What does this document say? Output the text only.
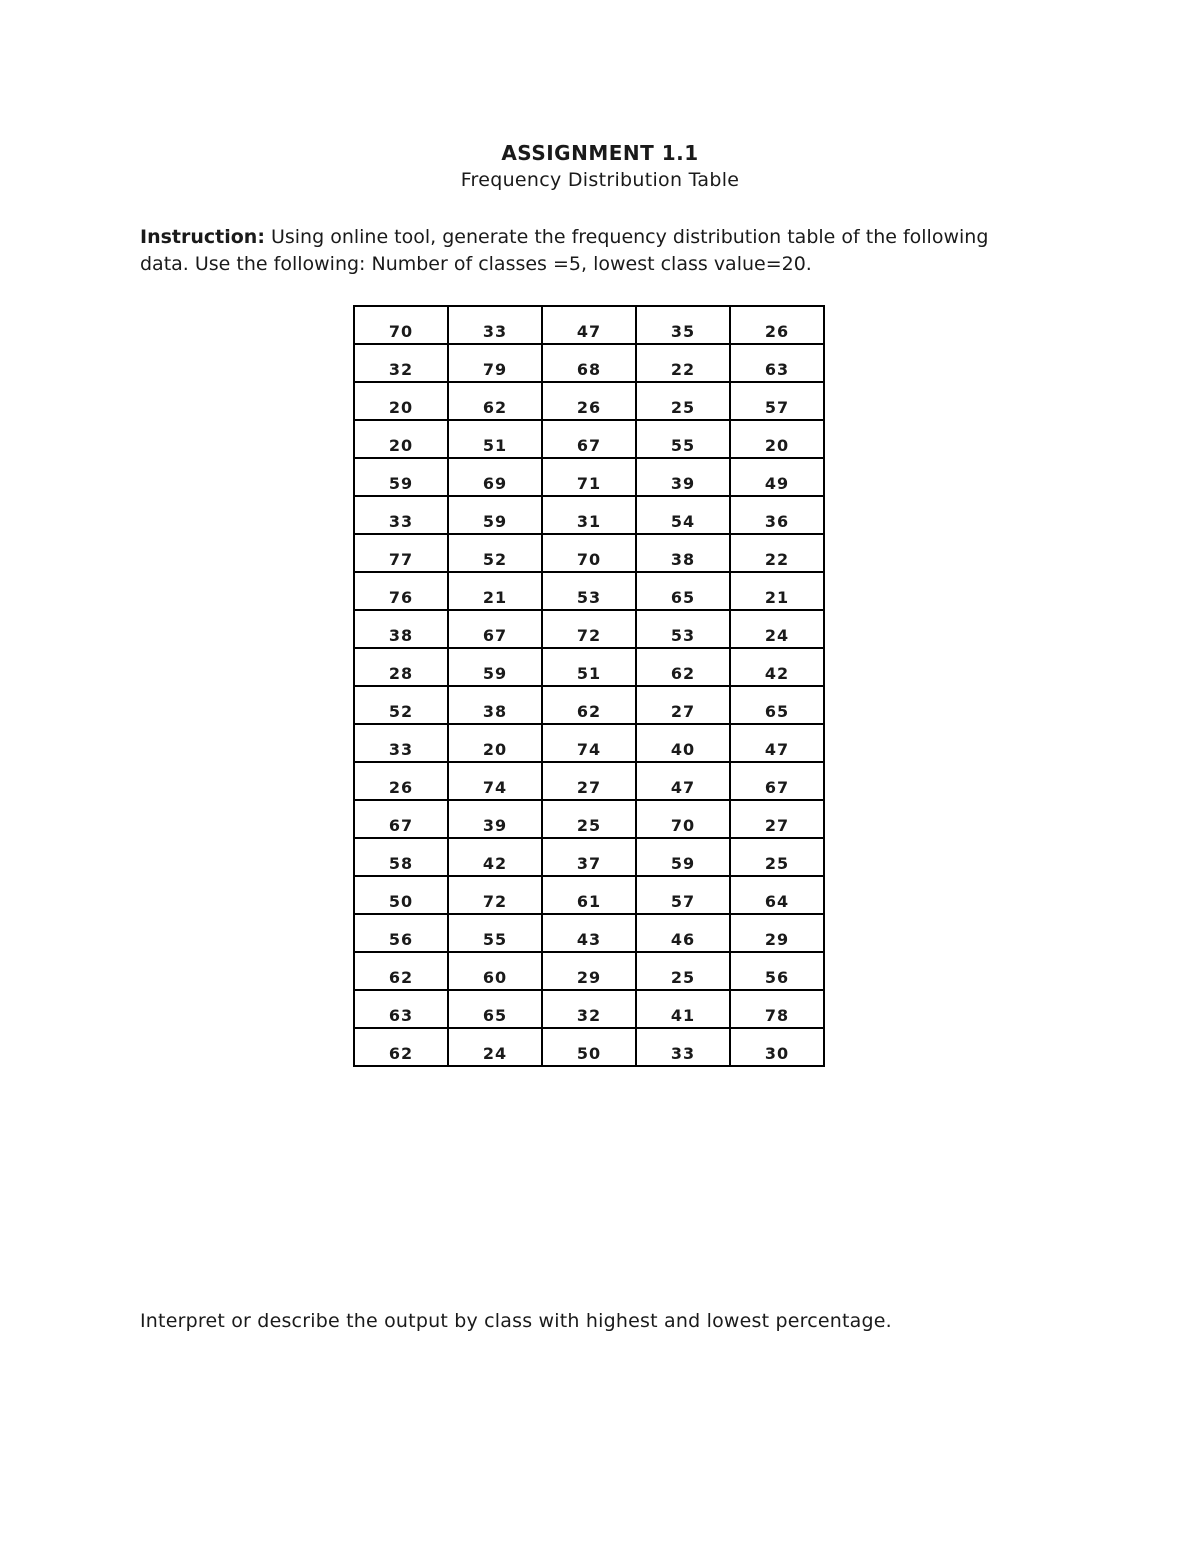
ASSIGNMENT 1.1
Frequency Distribution Table
Instruction: Using online tool, generate the frequency distribution table of the following data. Use the following: Number of classes =5, lowest class value=20.
70	33	47	35	26
32	79	68	22	63
20	62	26	25	57
20	51	67	55	20
59	69	71	39	49
33	59	31	54	36
77	52	70	38	22
76	21	53	65	21
38	67	72	53	24
28	59	51	62	42
52	38	62	27	65
33	20	74	40	47
26	74	27	47	67
67	39	25	70	27
58	42	37	59	25
50	72	61	57	64
56	55	43	46	29
62	60	29	25	56
63	65	32	41	78
62	24	50	33	30
Interpret or describe the output by class with highest and lowest percentage.
